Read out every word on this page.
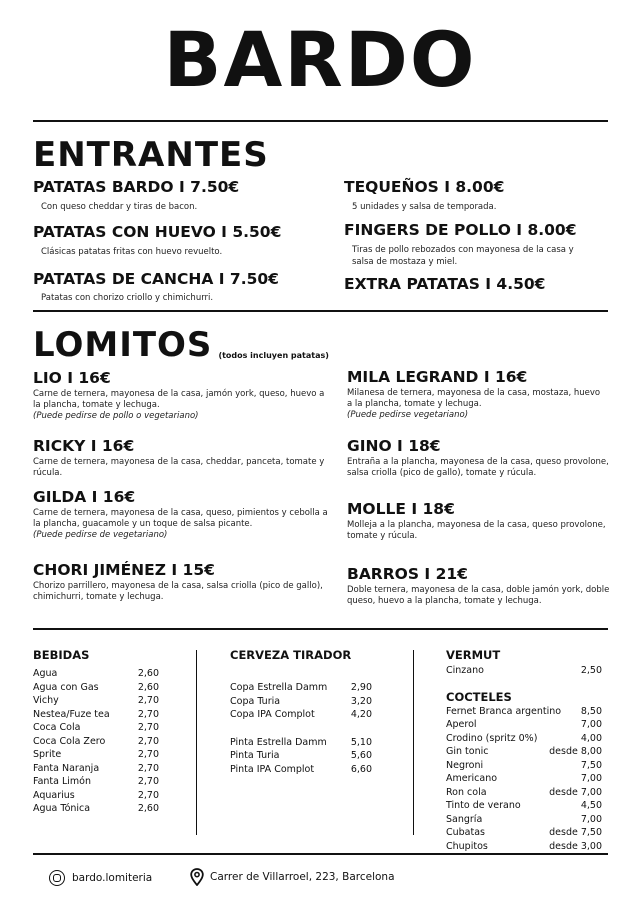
BARDO
ENTRANTES
PATATAS BARDO I 7.50€
Con queso cheddar y tiras de bacon.
PATATAS CON HUEVO I 5.50€
Clásicas patatas fritas con huevo revuelto.
PATATAS DE CANCHA I 7.50€
Patatas con chorizo criollo y chimichurri.
TEQUEÑOS I 8.00€
5 unidades y salsa de temporada.
FINGERS DE POLLO I 8.00€
Tiras de pollo rebozados con mayonesa de la casa y salsa de mostaza y miel.
EXTRA PATATAS I 4.50€
LOMITOS (todos incluyen patatas)
LIO I 16€
Carne de ternera, mayonesa de la casa, jamón york, queso, huevo a la plancha, tomate y lechuga.
(Puede pedirse de pollo o vegetariano)
RICKY I 16€
Carne de ternera, mayonesa de la casa, cheddar, panceta, tomate y rúcula.
GILDA I 16€
Carne de ternera, mayonesa de la casa, queso, pimientos y cebolla a la plancha, guacamole y un toque de salsa picante.
(Puede pedirse de vegetariano)
CHORI JIMÉNEZ I 15€
Chorizo parrillero, mayonesa de la casa, salsa criolla (pico de gallo), chimichurri, tomate y lechuga.
MILA LEGRAND I 16€
Milanesa de ternera, mayonesa de la casa, mostaza, huevo a la plancha, tomate y lechuga.
(Puede pedirse vegetariano)
GINO I 18€
Entraña a la plancha, mayonesa de la casa, queso provolone, salsa criolla (pico de gallo), tomate y rúcula.
MOLLE I 18€
Molleja a la plancha, mayonesa de la casa, queso provolone, tomate y rúcula.
BARROS I 21€
Doble ternera, mayonesa de la casa, doble jamón york, doble queso, huevo a la plancha, tomate y lechuga.
BEBIDAS
Agua	2,60
Agua con Gas	2,60
Vichy	2,70
Nestea/Fuze tea	2,70
Coca Cola	2,70
Coca Cola Zero	2,70
Sprite	2,70
Fanta Naranja	2,70
Fanta Limón	2,70
Aquarius	2,70
Agua Tónica	2,60
CERVEZA TIRADOR
Copa Estrella Damm 2,90
Copa Turia	3,20
Copa IPA Complot	4,20
Pinta Estrella Damm	5,10
Pinta Turia	5,60
Pinta IPA Complot	6,60
VERMUT
Cinzano	2,50
COCTELES
Fernet Branca argentino 8,50
Aperol	7,00
Crodino (spritz 0%)	4,00
Gin tonic	desde 8,00
Negroni	7,50
Americano	7,00
Ron cola	desde 7,00
Tinto de verano	4,50
Sangría	7,00
Cubatas	desde 7,50
Chupitos	desde 3,00
bardo.lomiteria	Carrer de Villarroel, 223, Barcelona
